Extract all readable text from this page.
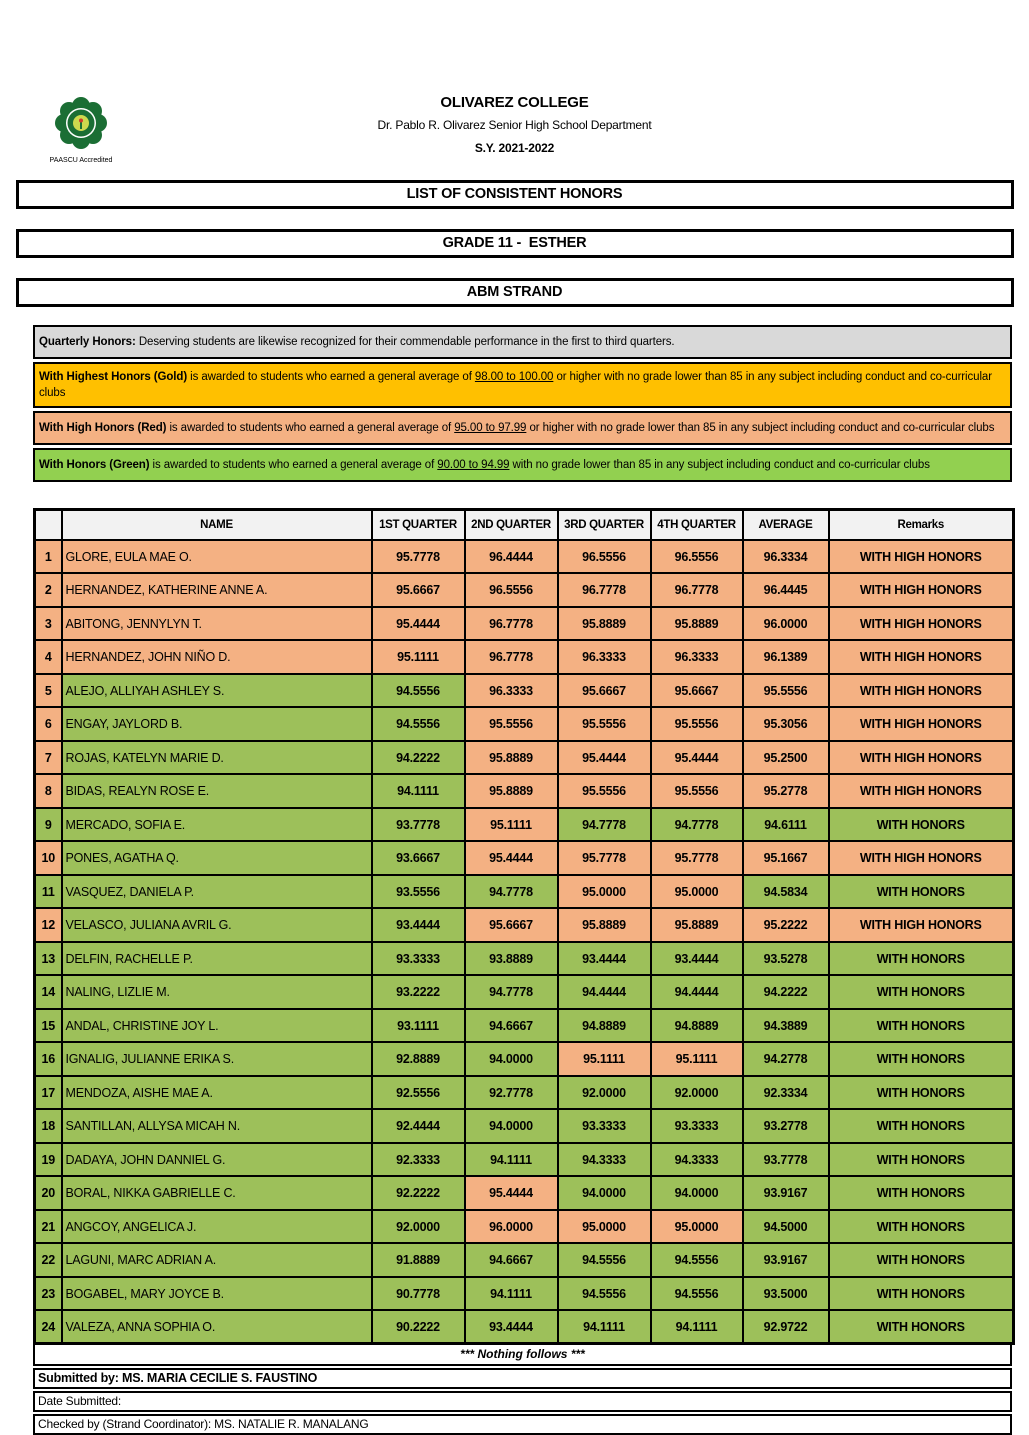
PAASCU Accredited
OLIVAREZ COLLEGE
Dr. Pablo R. Olivarez Senior High School Department
S.Y. 2021-2022
LIST OF CONSISTENT HONORS
GRADE 11 -  ESTHER
ABM STRAND
Quarterly Honors: Deserving students are likewise recognized for their commendable performance in the first to third quarters.
With Highest Honors (Gold) is awarded to students who earned a general average of 98.00 to 100.00 or higher with no grade lower than 85 in any subject including conduct and co-curricular clubs
With High Honors (Red) is awarded to students who earned a general average of 95.00 to 97.99 or higher with no grade lower than 85 in any subject including conduct and co-curricular clubs
With Honors (Green) is awarded to students who earned a general average of 90.00 to 94.99 with no grade lower than 85 in any subject including conduct and co-curricular clubs
	NAME	1ST QUARTER	2ND QUARTER	3RD QUARTER	4TH QUARTER	AVERAGE	Remarks
1	GLORE, EULA MAE O.	95.7778	96.4444	96.5556	96.5556	96.3334	WITH HIGH HONORS
2	HERNANDEZ, KATHERINE ANNE A.	95.6667	96.5556	96.7778	96.7778	96.4445	WITH HIGH HONORS
3	ABITONG, JENNYLYN T.	95.4444	96.7778	95.8889	95.8889	96.0000	WITH HIGH HONORS
4	HERNANDEZ, JOHN NIÑO D.	95.1111	96.7778	96.3333	96.3333	96.1389	WITH HIGH HONORS
5	ALEJO, ALLIYAH ASHLEY S.	94.5556	96.3333	95.6667	95.6667	95.5556	WITH HIGH HONORS
6	ENGAY, JAYLORD B.	94.5556	95.5556	95.5556	95.5556	95.3056	WITH HIGH HONORS
7	ROJAS, KATELYN MARIE D.	94.2222	95.8889	95.4444	95.4444	95.2500	WITH HIGH HONORS
8	BIDAS, REALYN ROSE E.	94.1111	95.8889	95.5556	95.5556	95.2778	WITH HIGH HONORS
9	MERCADO, SOFIA E.	93.7778	95.1111	94.7778	94.7778	94.6111	WITH HONORS
10	PONES, AGATHA Q.	93.6667	95.4444	95.7778	95.7778	95.1667	WITH HIGH HONORS
11	VASQUEZ, DANIELA P.	93.5556	94.7778	95.0000	95.0000	94.5834	WITH HONORS
12	VELASCO, JULIANA AVRIL G.	93.4444	95.6667	95.8889	95.8889	95.2222	WITH HIGH HONORS
13	DELFIN, RACHELLE P.	93.3333	93.8889	93.4444	93.4444	93.5278	WITH HONORS
14	NALING, LIZLIE M.	93.2222	94.7778	94.4444	94.4444	94.2222	WITH HONORS
15	ANDAL, CHRISTINE JOY L.	93.1111	94.6667	94.8889	94.8889	94.3889	WITH HONORS
16	IGNALIG, JULIANNE ERIKA S.	92.8889	94.0000	95.1111	95.1111	94.2778	WITH HONORS
17	MENDOZA, AISHE MAE A.	92.5556	92.7778	92.0000	92.0000	92.3334	WITH HONORS
18	SANTILLAN, ALLYSA MICAH N.	92.4444	94.0000	93.3333	93.3333	93.2778	WITH HONORS
19	DADAYA, JOHN DANNIEL G.	92.3333	94.1111	94.3333	94.3333	93.7778	WITH HONORS
20	BORAL, NIKKA GABRIELLE C.	92.2222	95.4444	94.0000	94.0000	93.9167	WITH HONORS
21	ANGCOY, ANGELICA J.	92.0000	96.0000	95.0000	95.0000	94.5000	WITH HONORS
22	LAGUNI, MARC ADRIAN A.	91.8889	94.6667	94.5556	94.5556	93.9167	WITH HONORS
23	BOGABEL, MARY JOYCE B.	90.7778	94.1111	94.5556	94.5556	93.5000	WITH HONORS
24	VALEZA, ANNA SOPHIA O.	90.2222	93.4444	94.1111	94.1111	92.9722	WITH HONORS
*** Nothing follows ***
Submitted by: MS. MARIA CECILIE S. FAUSTINO
Date Submitted:
Checked by (Strand Coordinator): MS. NATALIE R. MANALANG
